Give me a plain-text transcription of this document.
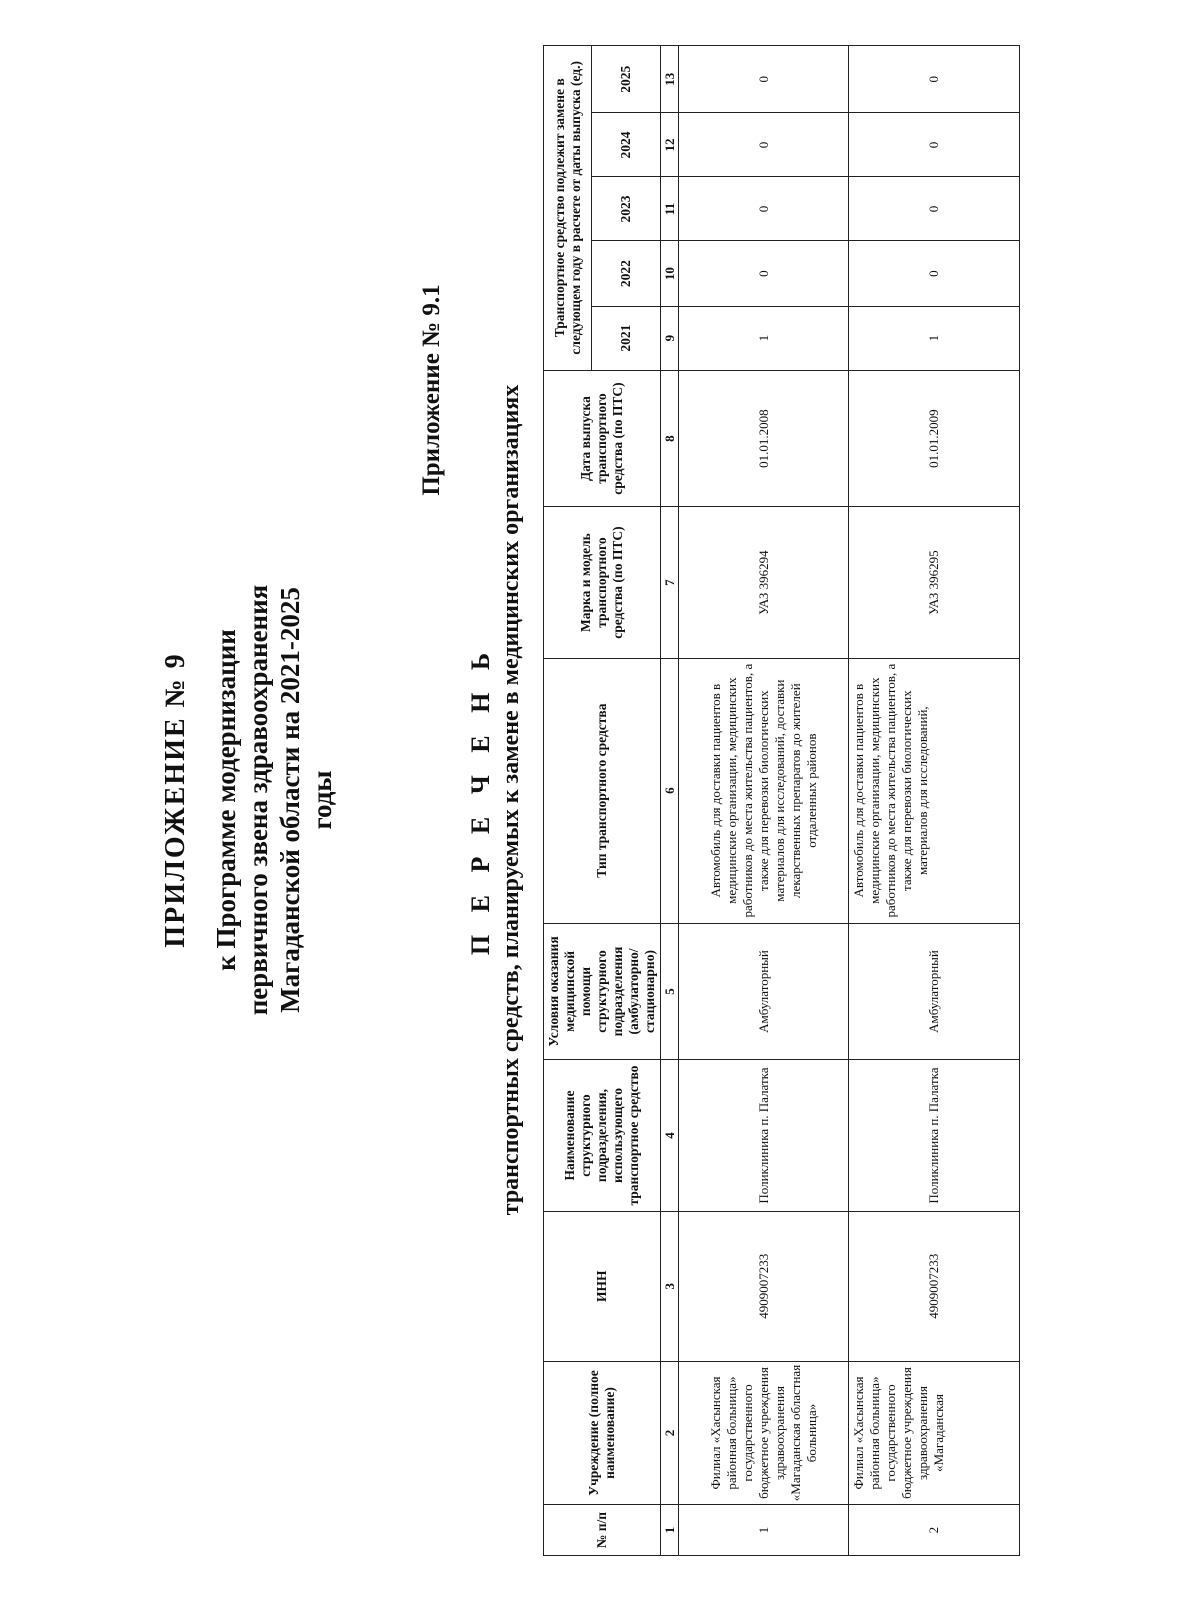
ПРИЛОЖЕНИЕ № 9 к Программе модернизации первичного звена здравоохранения Магаданской области на 2021-2025 годы
Приложение № 9.1
П Е Р Е Ч Е Н Ь транспортных средств, планируемых к замене в медицинских организациях
№ п/п	Учреждение (полное наименование)	ИНН	Наименование структурного подразделения, использующего транспортное средство	Условия оказания медицинской помощи структурного подразделения (амбулаторно/ стационарно)	Тип транспортного средства	Марка и модель транспортного средства (по ПТС)	Дата выпуска транспортного средства (по ПТС)	Транспортное средство подлежит замене в следующем году в расчете от даты выпуска (ед.)				
								2021	2022	2023	2024	2025
1	2	3	4	5	6	7	8	9	10	11	12	13
1	Филиал «Хасынская районная больница» государственного бюджетное учреждения здравоохранения «Магаданская областная больница»	4909007233	Поликлиника п. Палатка	Амбулаторный	Автомобиль для доставки пациентов в медицинские организации, медицинских работников до места жительства пациентов, а также для перевозки биологических материалов для исследований, доставки лекарственных препаратов до жителей отдаленных районов	УАЗ 396294	01.01.2008	1	0	0	0	0
2	Филиал «Хасынская районная больница» государственного бюджетное учреждения здравоохранения «Магаданская	4909007233	Поликлиника п. Палатка	Амбулаторный	Автомобиль для доставки пациентов в медицинские организации, медицинских работников до места жительства пациентов, а также для перевозки биологических материалов для исследований,	УАЗ 396295	01.01.2009	1	0	0	0	0
